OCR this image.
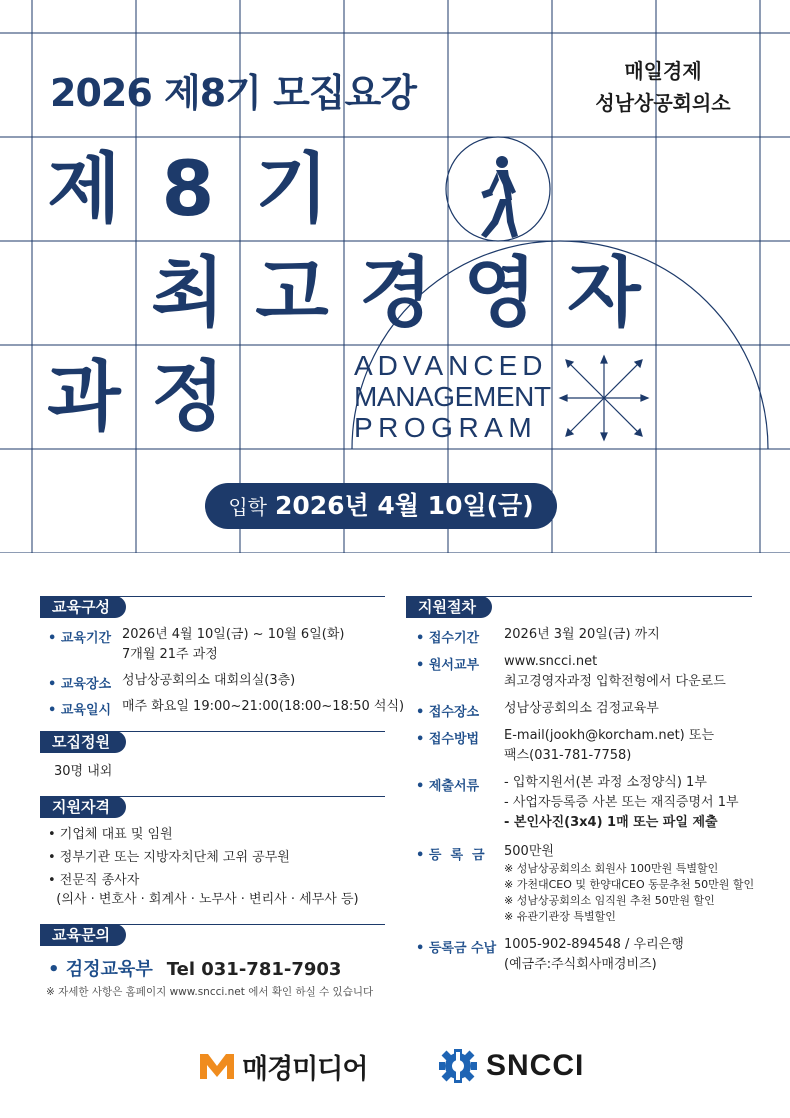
2026 제8기 모집요강	매일경제
성남상공회의소
제 8 기
최 고 경 영 자
과 정	ADVANCED
MANAGEMENT
PROGRAM
입학 2026년 4월 10일(금)
교육구성
• 교육기간 2026년 4월 10일(금) ~ 10월 6일(화)
7개월 21주 과정
• 교육장소 성남상공회의소 대회의실(3층)
• 교육일시 매주 화요일 19:00~21:00(18:00~18:50 석식)
모집정원
30명 내외
지원자격
• 기업체 대표 및 임원
• 정부기관 또는 지방자치단체 고위 공무원
• 전문직 종사자
(의사 · 변호사 · 회계사 · 노무사 · 변리사 · 세무사 등)
교육문의
• 검정교육부 Tel 031-781-7903
※ 자세한 사항은 홈페이지 www.sncci.net 에서 확인 하실 수 있습니다
지원절차
• 접수기간 2026년 3월 20일(금) 까지
• 원서교부 www.sncci.net
최고경영자과정 입학전형에서 다운로드
• 접수장소 성남상공회의소 검정교육부
• 접수방법 E-mail(jookh@korcham.net) 또는
팩스(031-781-7758)
• 제출서류 - 입학지원서(본 과정 소정양식) 1부
- 사업자등록증 사본 또는 재직증명서 1부
- 본인사진(3x4) 1매 또는 파일 제출
• 등  록  금 500만원
※ 성남상공회의소 회원사 100만원 특별할인
※ 가천대CEO 및 한양대CEO 동문추천 50만원 할인
※ 성남상공회의소 임직원 추천 50만원 할인
※ 유관기관장 특별할인
• 등록금 수납 1005-902-894548 / 우리은행
(예금주:주식회사매경비즈)
매경미디어	SNCCI
